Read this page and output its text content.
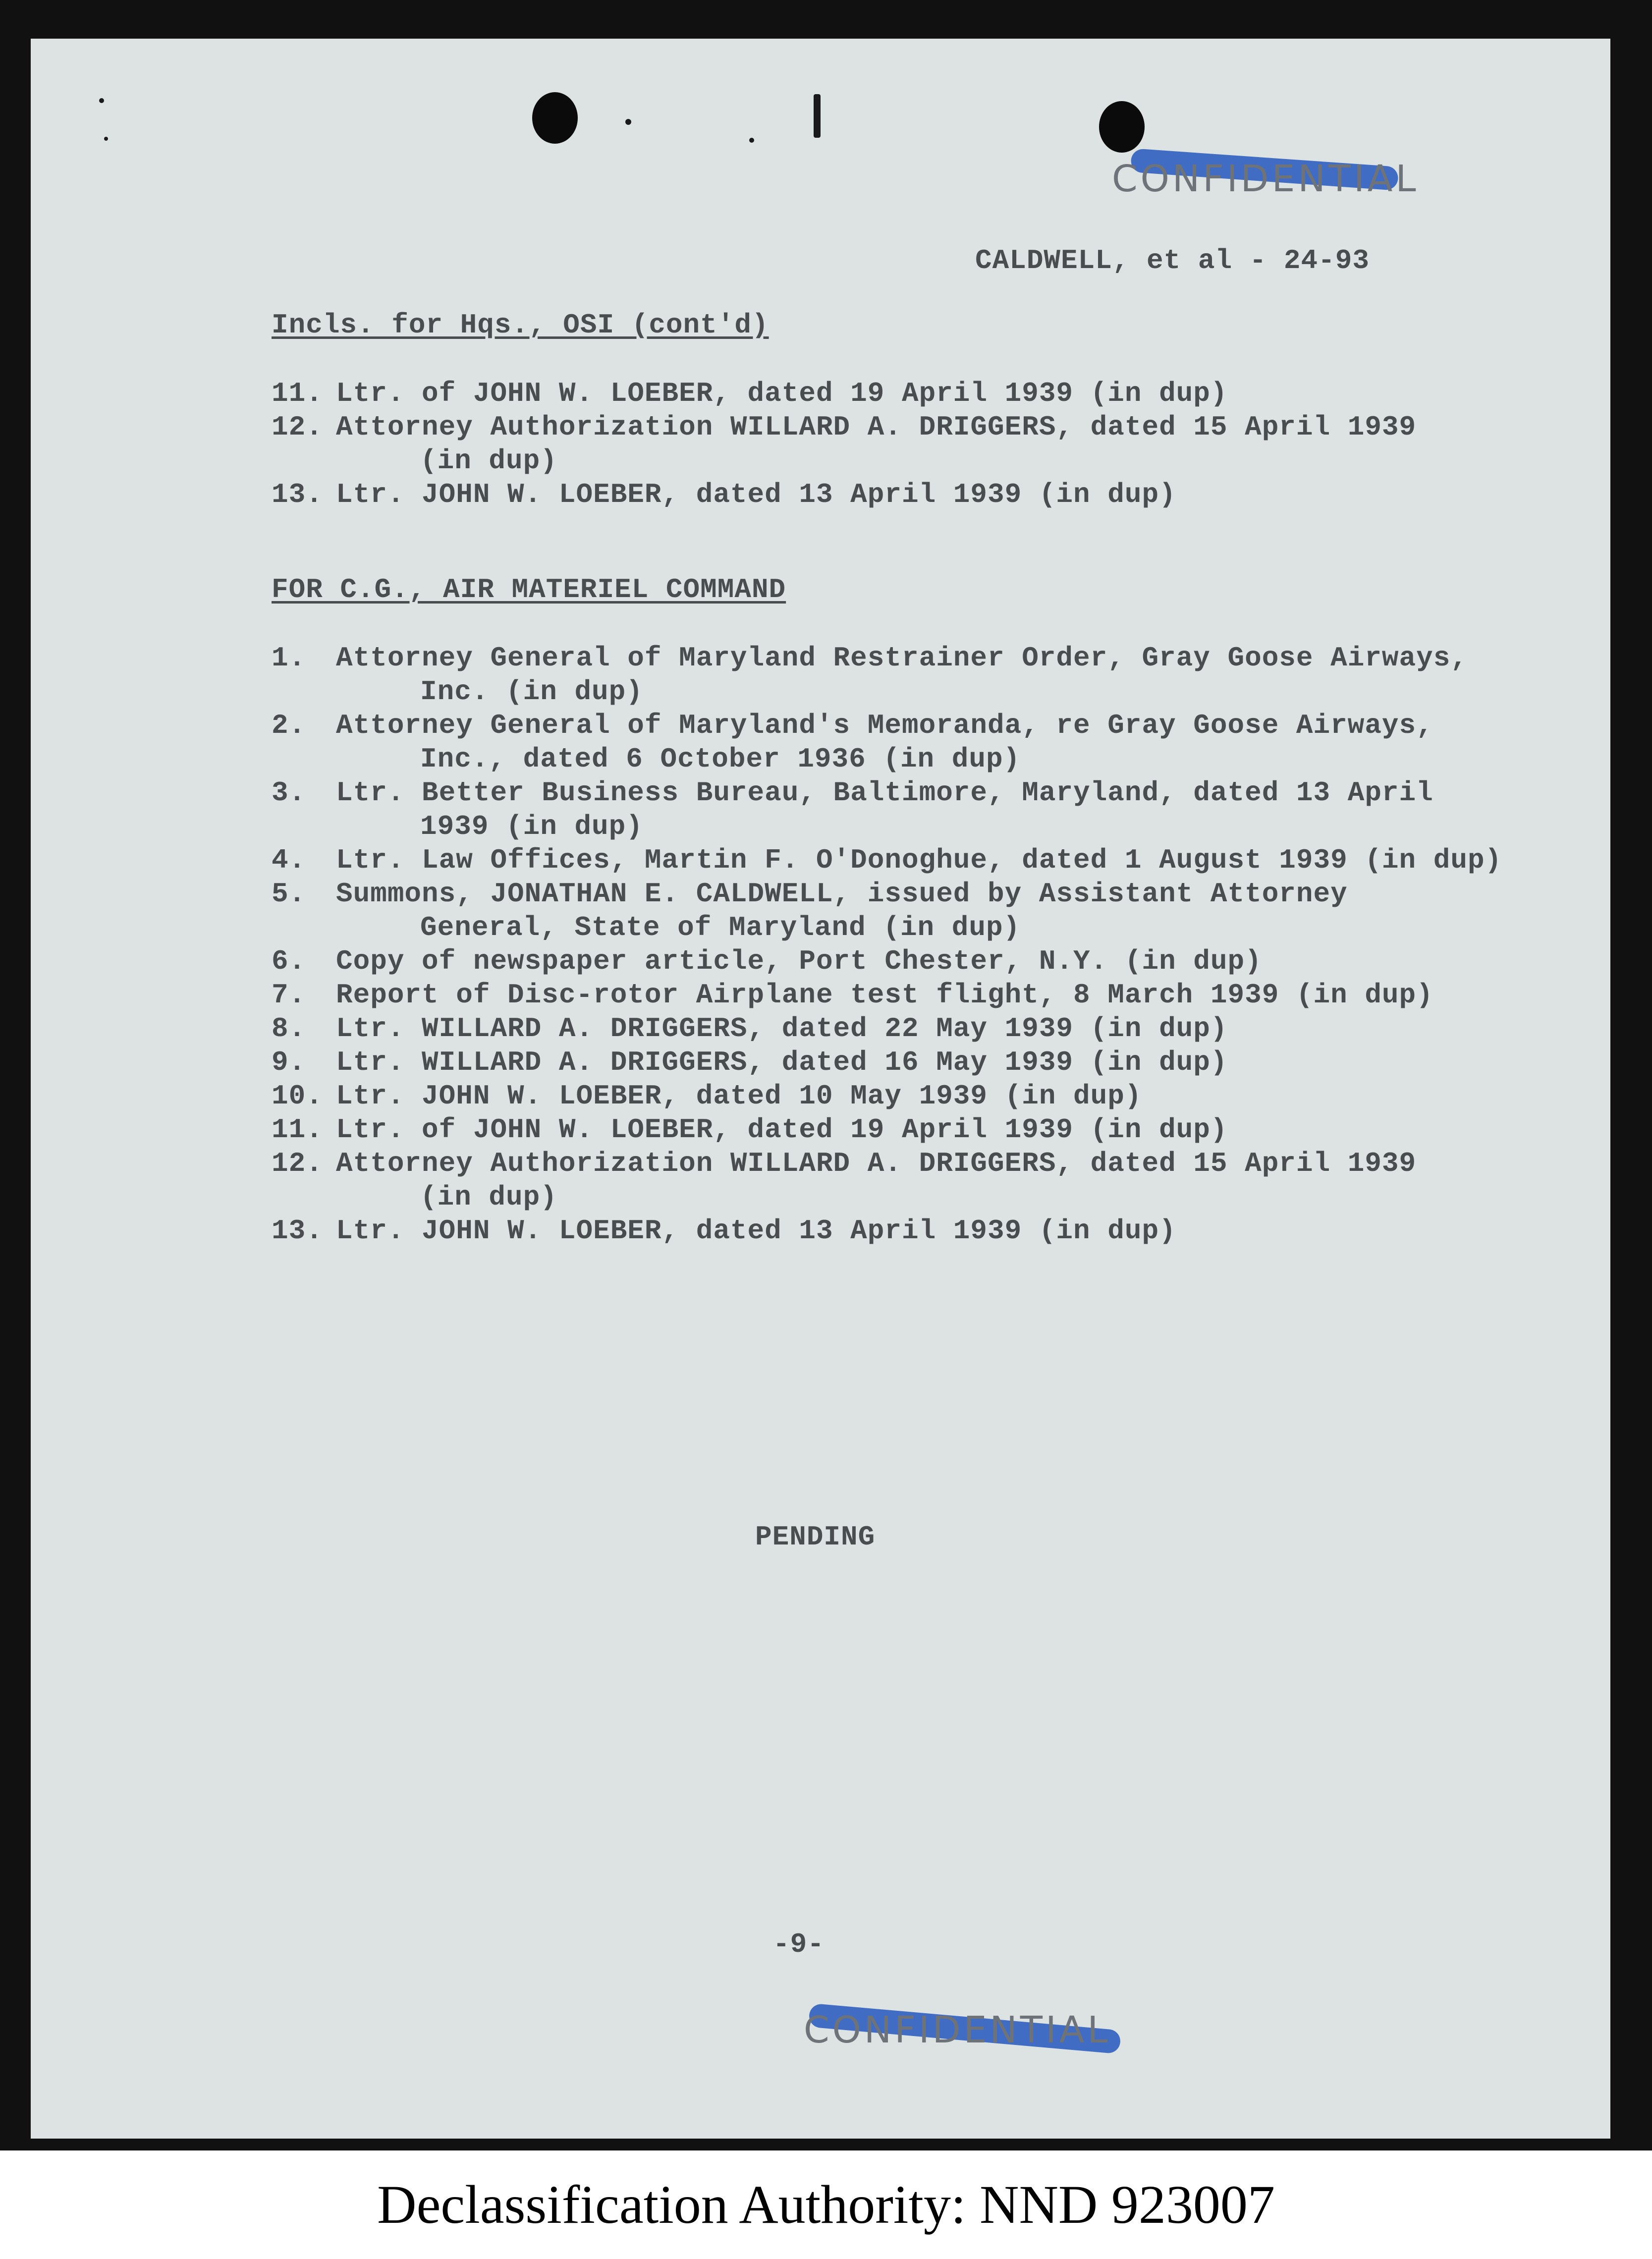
CONFIDENTIAL
CALDWELL, et al - 24-93
Incls. for Hqs., OSI (cont'd)
11. Ltr. of JOHN W. LOEBER, dated 19 April 1939 (in dup)
12. Attorney Authorization WILLARD A. DRIGGERS, dated 15 April 1939
(in dup)
13. Ltr. JOHN W. LOEBER, dated 13 April 1939 (in dup)
FOR C.G., AIR MATERIEL COMMAND
1. Attorney General of Maryland Restrainer Order, Gray Goose Airways,
Inc. (in dup)
2. Attorney General of Maryland's Memoranda, re Gray Goose Airways,
Inc., dated 6 October 1936 (in dup)
3. Ltr. Better Business Bureau, Baltimore, Maryland, dated 13 April
1939 (in dup)
4. Ltr. Law Offices, Martin F. O'Donoghue, dated 1 August 1939 (in dup)
5. Summons, JONATHAN E. CALDWELL, issued by Assistant Attorney
General, State of Maryland (in dup)
6. Copy of newspaper article, Port Chester, N.Y. (in dup)
7. Report of Disc-rotor Airplane test flight, 8 March 1939 (in dup)
8. Ltr. WILLARD A. DRIGGERS, dated 22 May 1939 (in dup)
9. Ltr. WILLARD A. DRIGGERS, dated 16 May 1939 (in dup)
10. Ltr. JOHN W. LOEBER, dated 10 May 1939 (in dup)
11. Ltr. of JOHN W. LOEBER, dated 19 April 1939 (in dup)
12. Attorney Authorization WILLARD A. DRIGGERS, dated 15 April 1939
(in dup)
13. Ltr. JOHN W. LOEBER, dated 13 April 1939 (in dup)
PENDING
-9-
CONFIDENTIAL
Declassification Authority: NND 923007
